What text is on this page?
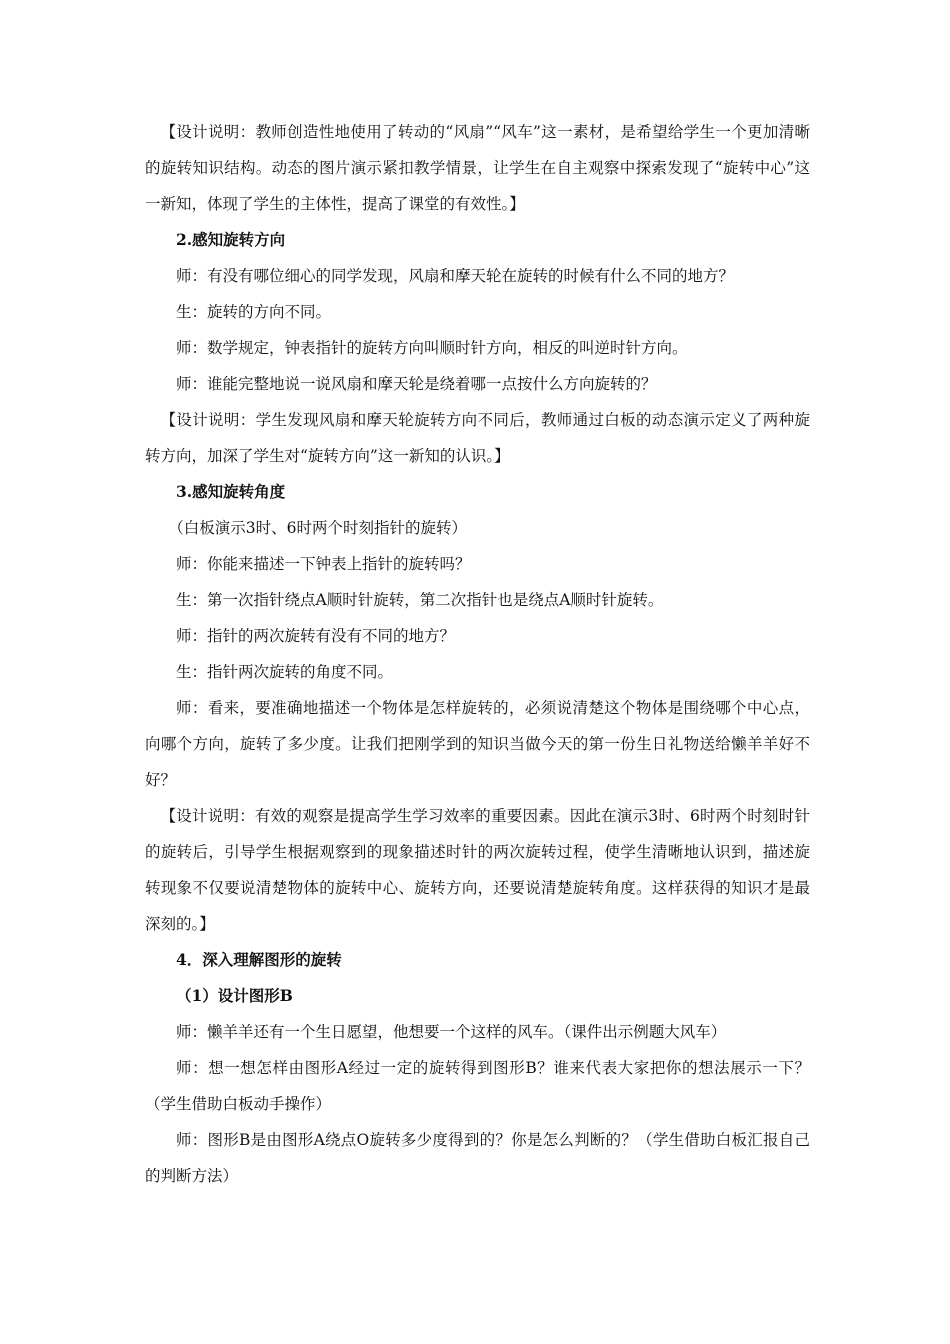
【设计说明：教师创造性地使用了转动的“风扇”“风车”这一素材，是希望给学生一个更加清晰的旋转知识结构。动态的图片演示紧扣教学情景，让学生在自主观察中探索发现了“旋转中心”这一新知，体现了学生的主体性，提高了课堂的有效性。】

2.感知旋转方向

师：有没有哪位细心的同学发现，风扇和摩天轮在旋转的时候有什么不同的地方？

生：旋转的方向不同。

师：数学规定，钟表指针的旋转方向叫顺时针方向，相反的叫逆时针方向。

师：谁能完整地说一说风扇和摩天轮是绕着哪一点按什么方向旋转的？

【设计说明：学生发现风扇和摩天轮旋转方向不同后，教师通过白板的动态演示定义了两种旋转方向，加深了学生对“旋转方向”这一新知的认识。】

3.感知旋转角度

（白板演示3时、6时两个时刻指针的旋转）

师：你能来描述一下钟表上指针的旋转吗？

生：第一次指针绕点A顺时针旋转，第二次指针也是绕点A顺时针旋转。

师：指针的两次旋转有没有不同的地方？

生：指针两次旋转的角度不同。

师：看来，要准确地描述一个物体是怎样旋转的，必须说清楚这个物体是围绕哪个中心点，向哪个方向，旋转了多少度。让我们把刚学到的知识当做今天的第一份生日礼物送给懒羊羊好不好？

【设计说明：有效的观察是提高学生学习效率的重要因素。因此在演示3时、6时两个时刻时针的旋转后，引导学生根据观察到的现象描述时针的两次旋转过程，使学生清晰地认识到，描述旋转现象不仅要说清楚物体的旋转中心、旋转方向，还要说清楚旋转角度。这样获得的知识才是最深刻的。】

4．深入理解图形的旋转

（1）设计图形B

师：懒羊羊还有一个生日愿望，他想要一个这样的风车。（课件出示例题大风车）

师：想一想怎样由图形A经过一定的旋转得到图形B？谁来代表大家把你的想法展示一下？（学生借助白板动手操作）

师：图形B是由图形A绕点O旋转多少度得到的？你是怎么判断的？（学生借助白板汇报自己的判断方法）
